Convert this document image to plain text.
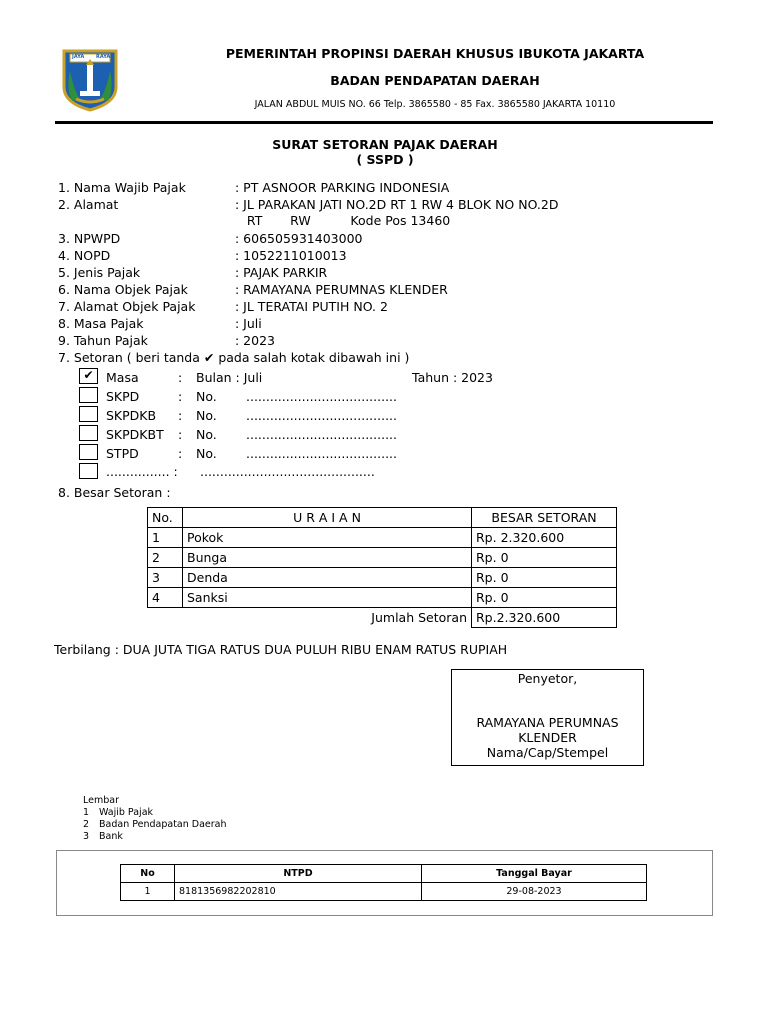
JAYA RAYA	PEMERINTAH PROPINSI DAERAH KHUSUS IBUKOTA JAKARTA
BADAN PENDAPATAN DAERAH
JALAN ABDUL MUIS NO. 66 Telp. 3865580 - 85 Fax. 3865580 JAKARTA 10110
SURAT SETORAN PAJAK DAERAH
( SSPD )
1. Nama Wajib Pajak	: PT ASNOOR PARKING INDONESIA
2. Alamat	: JL PARAKAN JATI NO.2D RT 1 RW 4 BLOK NO NO.2D
RT       RW          Kode Pos 13460
3. NPWPD	: 606505931403000
4. NOPD	: 1052211010013
5. Jenis Pajak	: PAJAK PARKIR
6. Nama Objek Pajak	: RAMAYANA PERUMNAS KLENDER
7. Alamat Objek Pajak	: JL TERATAI PUTIH NO. 2
8. Masa Pajak	: Juli
9. Tahun Pajak	: 2023
7. Setoran ( beri tanda ✔ pada salah kotak dibawah ini )
✔ Masa	: Bulan : Juli	Tahun : 2023
SKPD	: No. ......................................
SKPDKB : No. ......................................
SKPDKBT : No. ......................................
STPD	: No. ......................................
................ : ............................................
8. Besar Setoran :
No.	U R A I A N	BESAR SETORAN
1	Pokok	Rp. 2.320.600
2	Bunga	Rp. 0
3	Denda	Rp. 0
4	Sanksi	Rp. 0
Jumlah Setoran		Rp.2.320.600
Terbilang : DUA JUTA TIGA RATUS DUA PULUH RIBU ENAM RATUS RUPIAH
Penyetor,
RAMAYANA PERUMNAS
KLENDER
Nama/Cap/Stempel
Lembar
1 Wajib Pajak
2 Badan Pendapatan Daerah
3 Bank
No	NTPD	Tanggal Bayar
1	8181356982202810	29-08-2023
